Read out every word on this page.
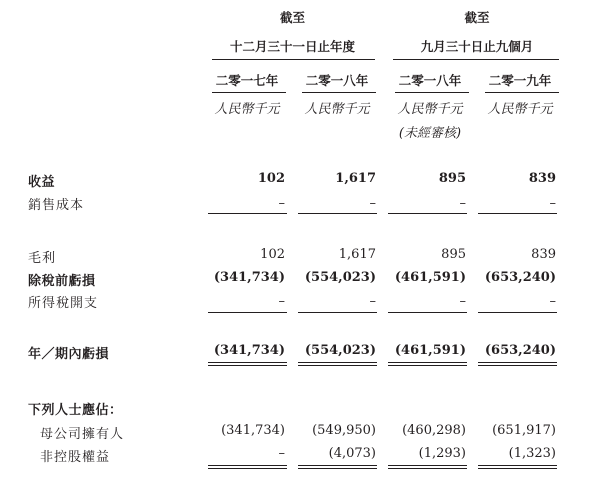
截至
十二月三十一日止年度
截至
九月三十日止九個月
二零一七年	二零一八年	二零一八年	二零一九年
人民幣千元	人民幣千元	人民幣千元	人民幣千元
(未經審核)
收益	102	1,617	895	839
銷售成本	–	–	–	–
毛利	102	1,617	895	839
除稅前虧損	(341,734)	(554,023)	(461,591)	(653,240)
所得稅開支	–	–	–	–
年／期內虧損	(341,734)	(554,023)	(461,591)	(653,240)
下列人士應佔：
母公司擁有人	(341,734)	(549,950)	(460,298)	(651,917)
非控股權益	–	(4,073)	(1,293)	(1,323)
